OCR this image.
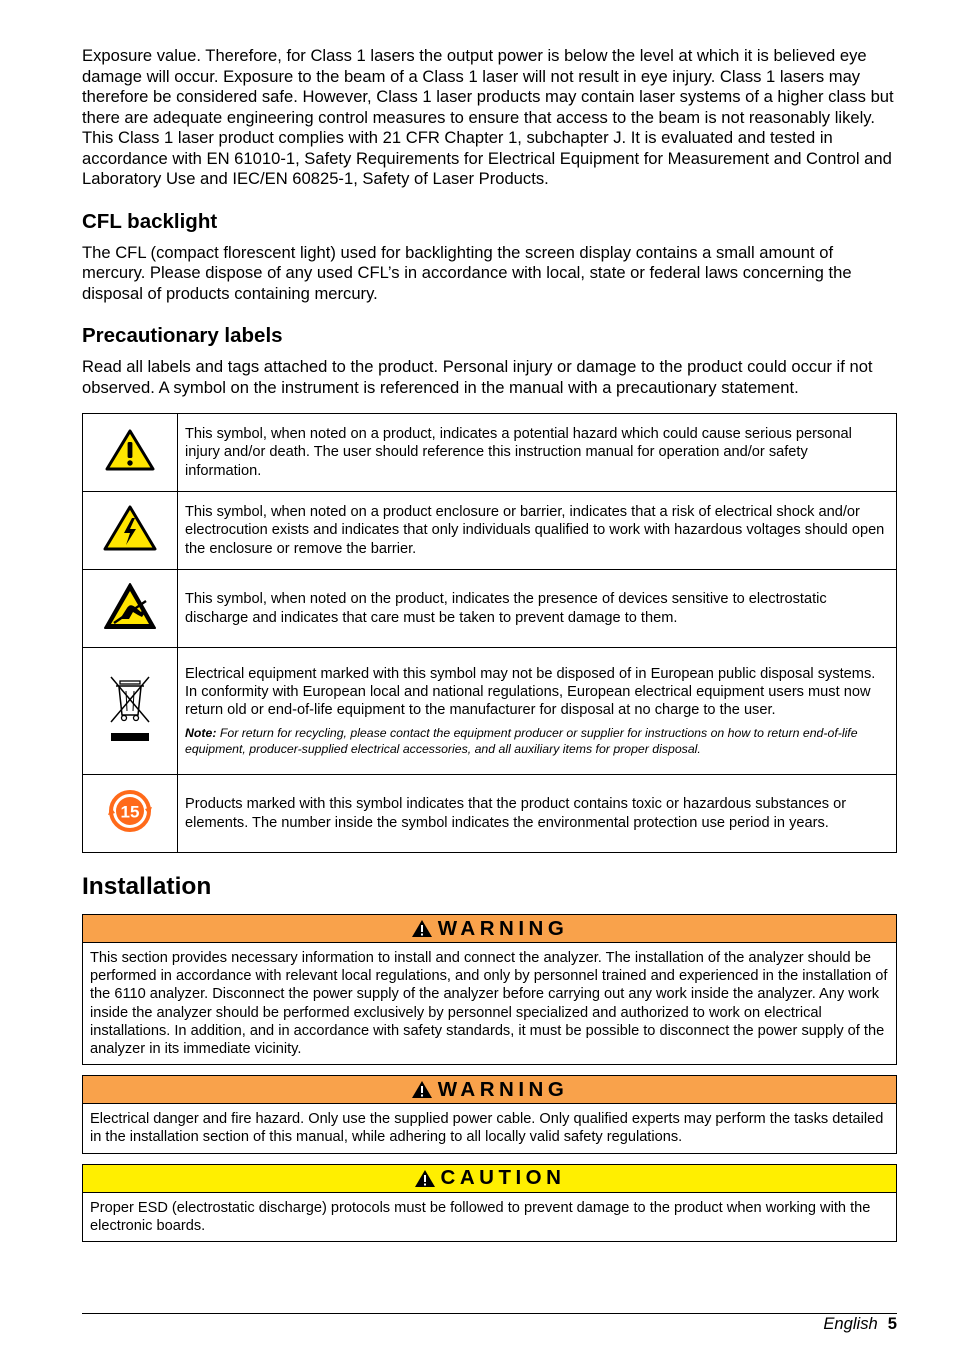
Exposure value. Therefore, for Class 1 lasers the output power is below the level at which it is believed eye damage will occur. Exposure to the beam of a Class 1 laser will not result in eye injury. Class 1 lasers may therefore be considered safe. However, Class 1 laser products may contain laser systems of a higher class but there are adequate engineering control measures to ensure that access to the beam is not reasonably likely. This Class 1 laser product complies with 21 CFR Chapter 1, subchapter J. It is evaluated and tested in accordance with EN 61010-1, Safety Requirements for Electrical Equipment for Measurement and Control and Laboratory Use and IEC/EN 60825-1, Safety of Laser Products.

CFL backlight

The CFL (compact florescent light) used for backlighting the screen display contains a small amount of mercury. Please dispose of any used CFL’s in accordance with local, state or federal laws concerning the disposal of products containing mercury.

Precautionary labels

Read all labels and tags attached to the product. Personal injury or damage to the product could occur if not observed. A symbol on the instrument is referenced in the manual with a precautionary statement.

	This symbol, when noted on a product, indicates a potential hazard which could cause serious personal injury and/or death. The user should reference this instruction manual for operation and/or safety information.
	This symbol, when noted on a product enclosure or barrier, indicates that a risk of electrical shock and/or electrocution exists and indicates that only individuals qualified to work with hazardous voltages should open the enclosure or remove the barrier.
	This symbol, when noted on the product, indicates the presence of devices sensitive to electrostatic discharge and indicates that care must be taken to prevent damage to them.

Electrical equipment marked with this symbol may not be disposed of in European public disposal systems. In conformity with European local and national regulations, European electrical equipment users must now return old or end-of-life equipment to the manufacturer for disposal at no charge to the user.
Note: For return for recycling, please contact the equipment producer or supplier for instructions on how to return end-of-life equipment, producer-supplied electrical accessories, and all auxiliary items for proper disposal.

15	Products marked with this symbol indicates that the product contains toxic or hazardous substances or elements. The number inside the symbol indicates the environmental protection use period in years.
Installation
WARNING
This section provides necessary information to install and connect the analyzer. The installation of the analyzer should be performed in accordance with relevant local regulations, and only by personnel trained and experienced in the installation of the 6110 analyzer. Disconnect the power supply of the analyzer before carrying out any work inside the analyzer. Any work inside the analyzer should be performed exclusively by personnel specialized and authorized to work on electrical installations. In addition, and in accordance with safety standards, it must be possible to disconnect the power supply of the analyzer in its immediate vicinity.
WARNING
Electrical danger and fire hazard. Only use the supplied power cable. Only qualified experts may perform the tasks detailed in the installation section of this manual, while adhering to all locally valid safety regulations.
CAUTION
Proper ESD (electrostatic discharge) protocols must be followed to prevent damage to the product when working with the electronic boards.
English 5
